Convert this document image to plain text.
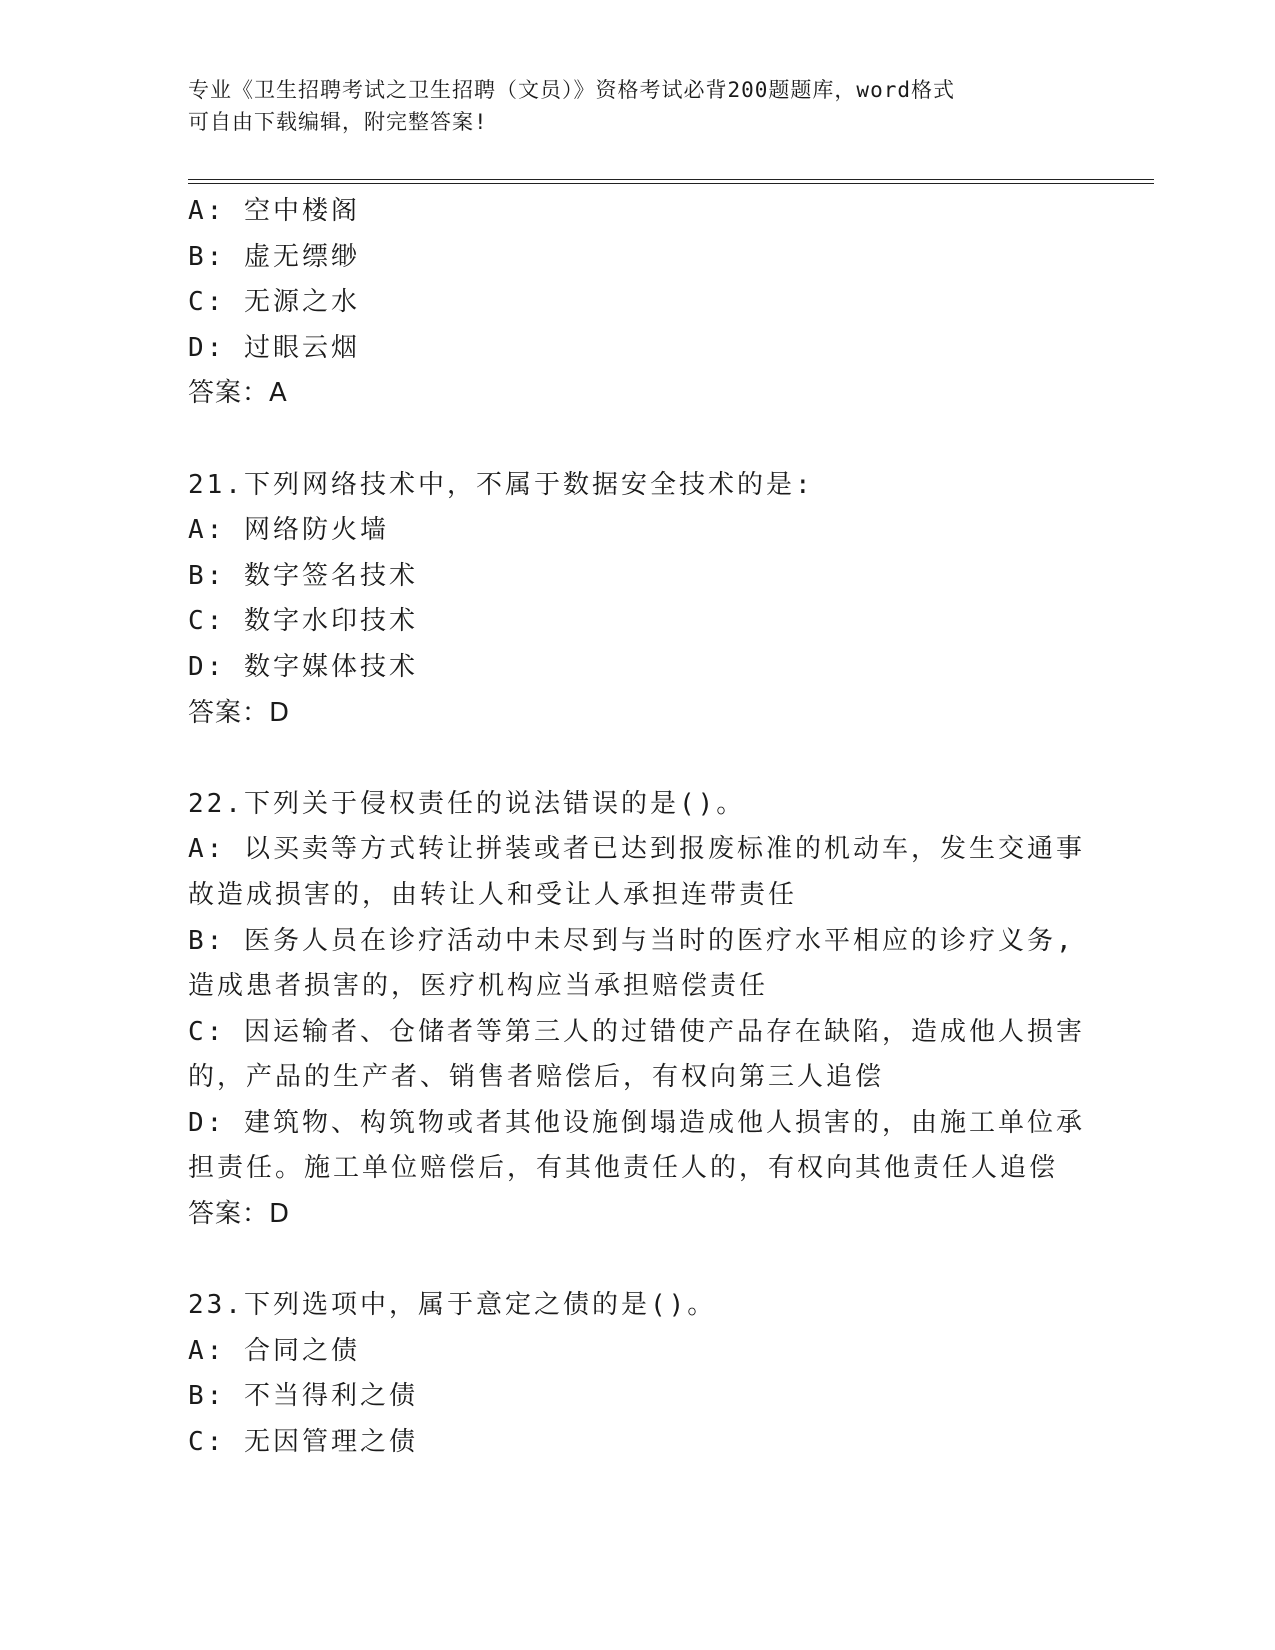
专业《卫生招聘考试之卫生招聘（文员）》资格考试必背200题题库，word格式
可自由下载编辑，附完整答案!
A: 空中楼阁
B: 虚无缥缈
C: 无源之水
D: 过眼云烟
答案：A
21.下列网络技术中，不属于数据安全技术的是:
A: 网络防火墙
B: 数字签名技术
C: 数字水印技术
D: 数字媒体技术
答案：D
22.下列关于侵权责任的说法错误的是()。
A: 以买卖等方式转让拼装或者已达到报废标准的机动车，发生交通事
故造成损害的，由转让人和受让人承担连带责任
B: 医务人员在诊疗活动中未尽到与当时的医疗水平相应的诊疗义务,
造成患者损害的，医疗机构应当承担赔偿责任
C: 因运输者、仓储者等第三人的过错使产品存在缺陷，造成他人损害
的，产品的生产者、销售者赔偿后，有权向第三人追偿
D: 建筑物、构筑物或者其他设施倒塌造成他人损害的，由施工单位承
担责任。施工单位赔偿后，有其他责任人的，有权向其他责任人追偿
答案：D
23.下列选项中，属于意定之债的是()。
A: 合同之债
B: 不当得利之债
C: 无因管理之债
